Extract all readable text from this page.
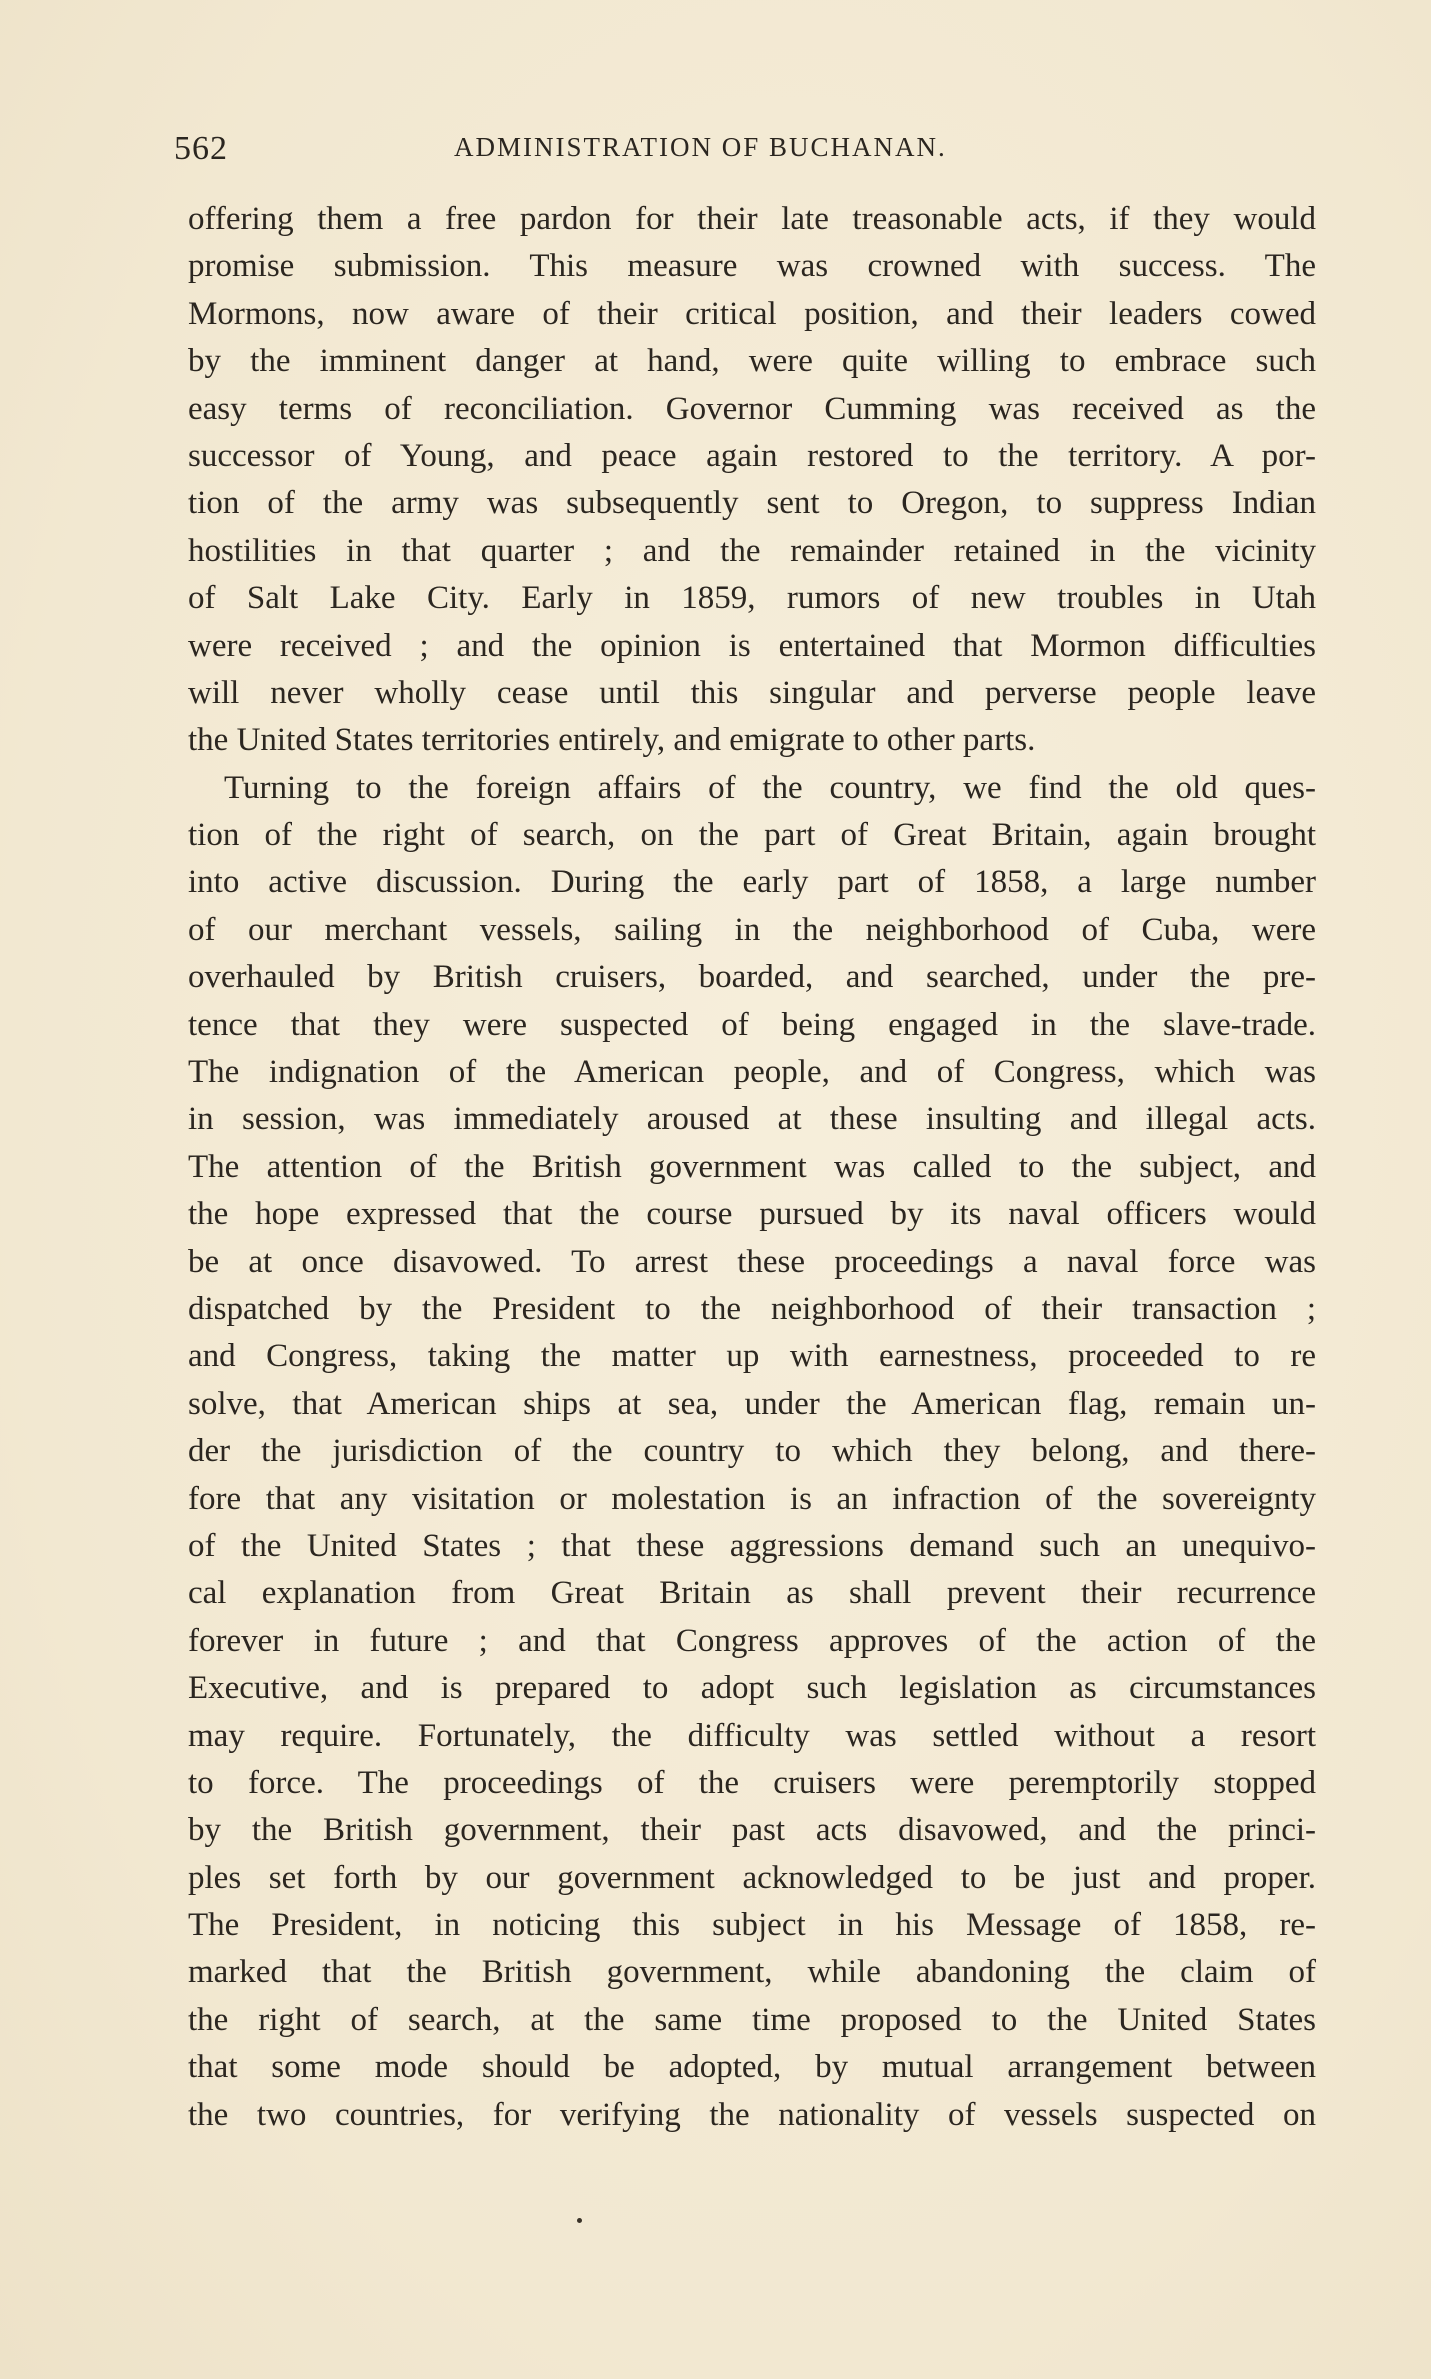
562	ADMINISTRATION OF BUCHANAN.
offering them a free pardon for their late treasonable acts, if they would
promise submission. This measure was crowned with success. The
Mormons, now aware of their critical position, and their leaders cowed
by the imminent danger at hand, were quite willing to embrace such
easy terms of reconciliation. Governor Cumming was received as the
successor of Young, and peace again restored to the territory. A por-
tion of the army was subsequently sent to Oregon, to suppress Indian
hostilities in that quarter ; and the remainder retained in the vicinity
of Salt Lake City. Early in 1859, rumors of new troubles in Utah
were received ; and the opinion is entertained that Mormon difficulties
will never wholly cease until this singular and perverse people leave
the United States territories entirely, and emigrate to other parts.
Turning to the foreign affairs of the country, we find the old ques-
tion of the right of search, on the part of Great Britain, again brought
into active discussion. During the early part of 1858, a large number
of our merchant vessels, sailing in the neighborhood of Cuba, were
overhauled by British cruisers, boarded, and searched, under the pre-
tence that they were suspected of being engaged in the slave-trade.
The indignation of the American people, and of Congress, which was
in session, was immediately aroused at these insulting and illegal acts.
The attention of the British government was called to the subject, and
the hope expressed that the course pursued by its naval officers would
be at once disavowed. To arrest these proceedings a naval force was
dispatched by the President to the neighborhood of their transaction ;
and Congress, taking the matter up with earnestness, proceeded to re
solve, that American ships at sea, under the American flag, remain un-
der the jurisdiction of the country to which they belong, and there-
fore that any visitation or molestation is an infraction of the sovereignty
of the United States ; that these aggressions demand such an unequivo-
cal explanation from Great Britain as shall prevent their recurrence
forever in future ; and that Congress approves of the action of the
Executive, and is prepared to adopt such legislation as circumstances
may require. Fortunately, the difficulty was settled without a resort
to force. The proceedings of the cruisers were peremptorily stopped
by the British government, their past acts disavowed, and the princi-
ples set forth by our government acknowledged to be just and proper.
The President, in noticing this subject in his Message of 1858, re-
marked that the British government, while abandoning the claim of
the right of search, at the same time proposed to the United States
that some mode should be adopted, by mutual arrangement between
the two countries, for verifying the nationality of vessels suspected on
